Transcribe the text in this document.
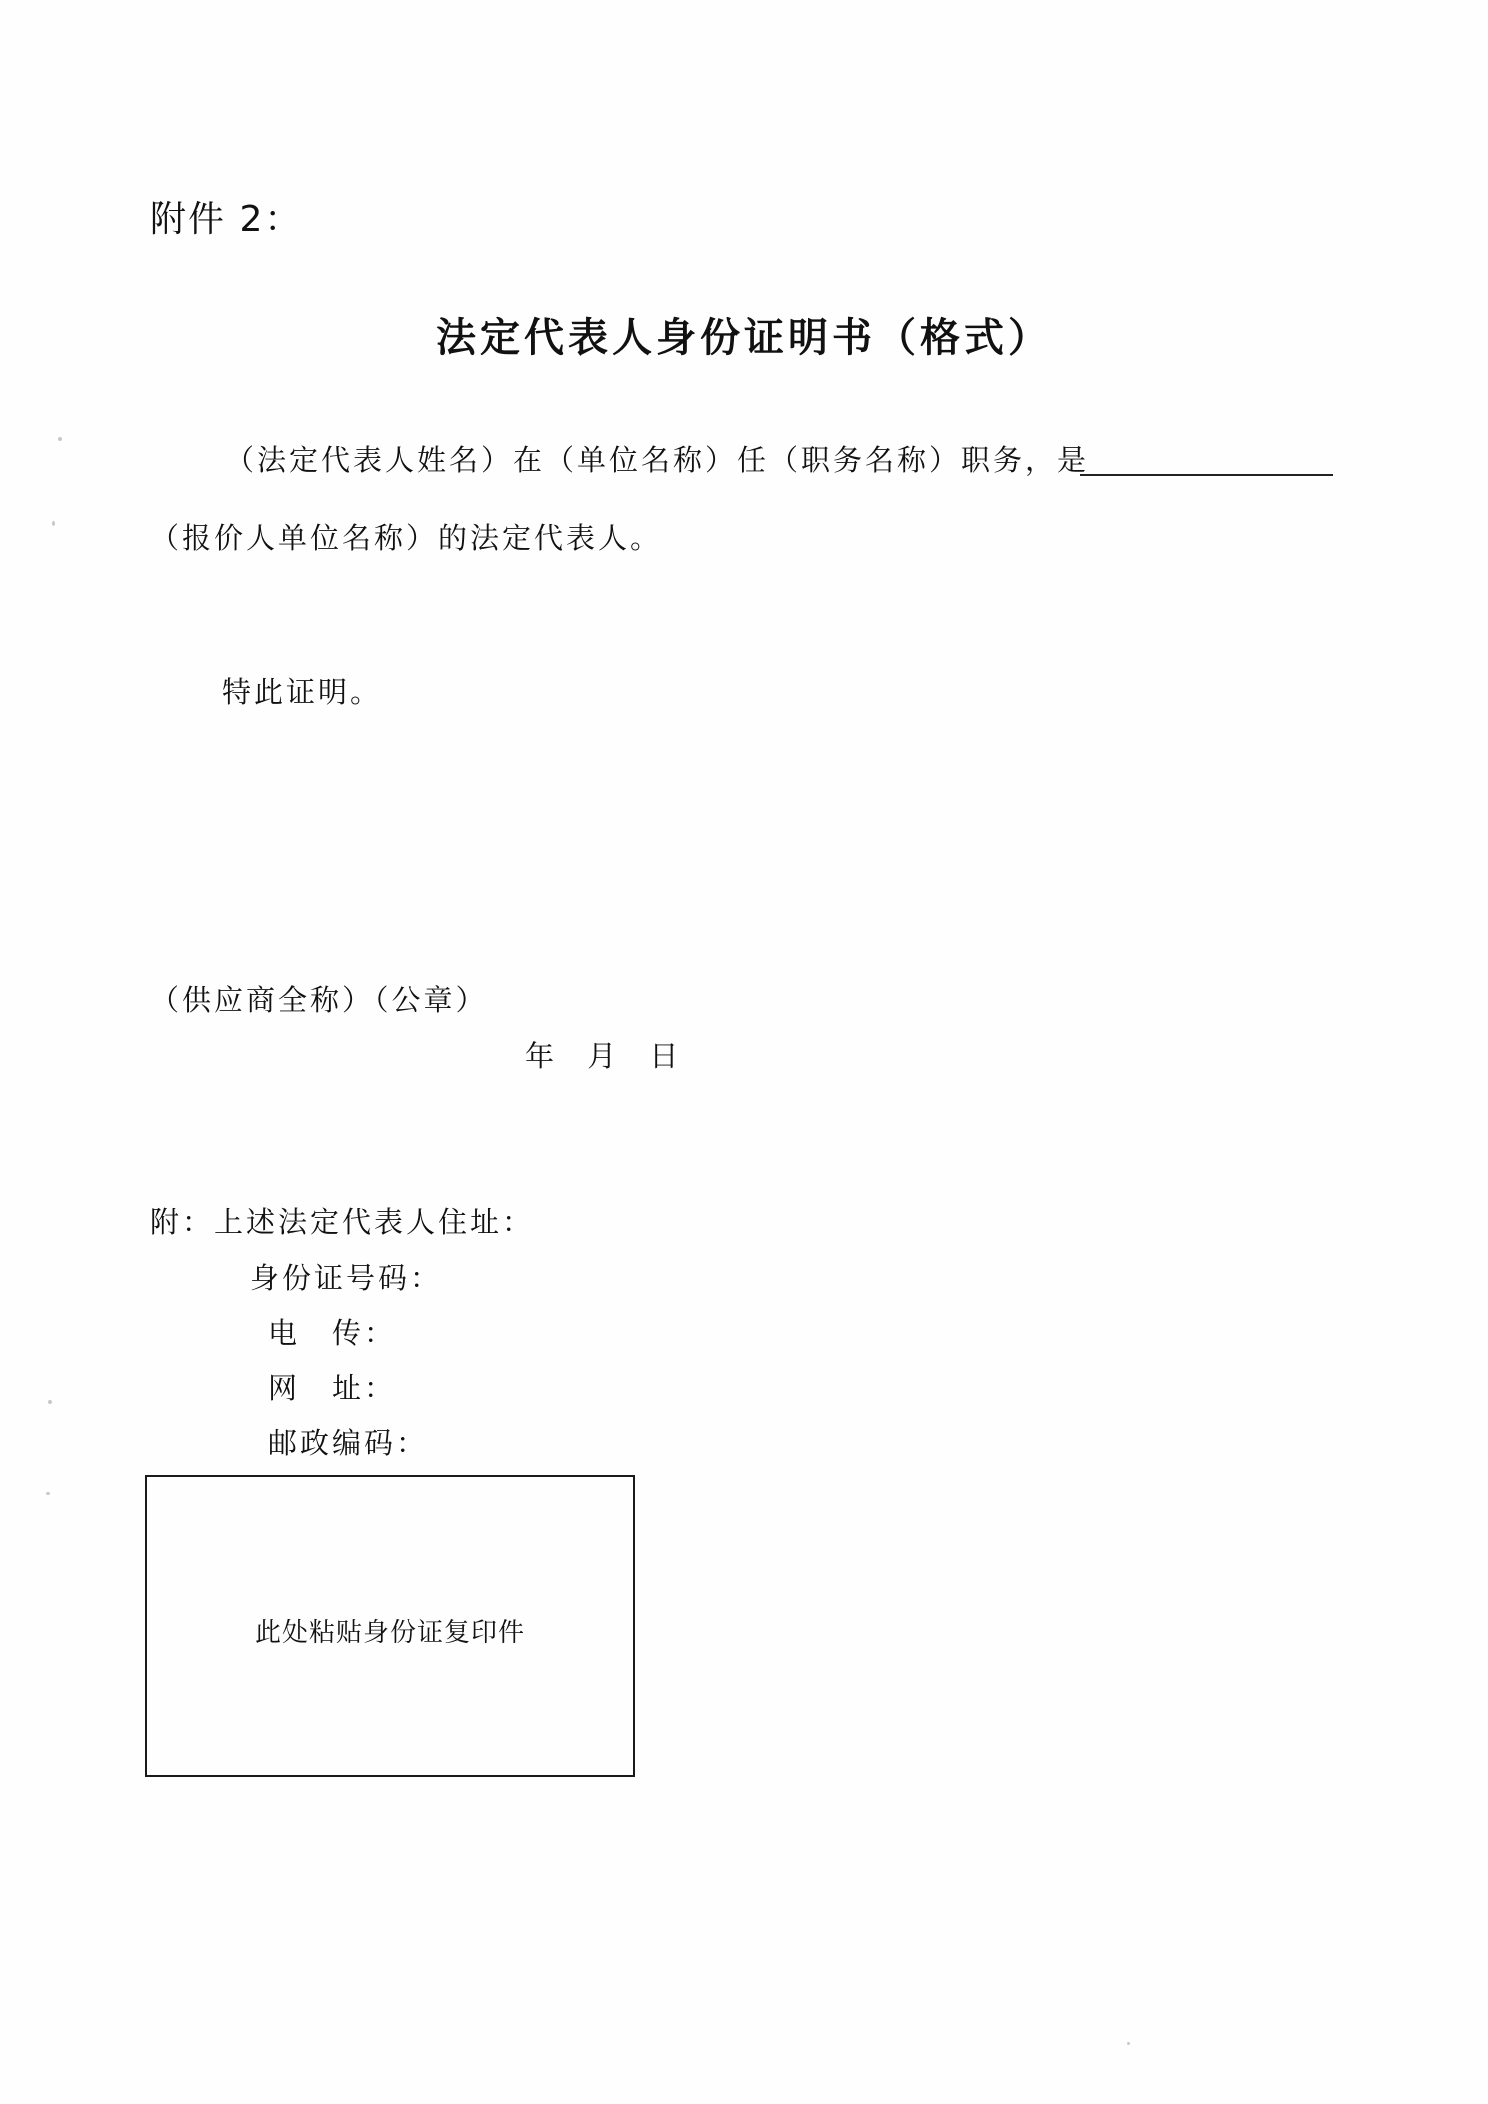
附件 2：
法定代表人身份证明书（格式）
（法定代表人姓名）在（单位名称）任（职务名称）职务，是
（报价人单位名称）的法定代表人。
特此证明。
（供应商全称）（公章）
年 月 日
附：上述法定代表人住址：
身份证号码：
电　传：
网　址：
邮政编码：
此处粘贴身份证复印件
